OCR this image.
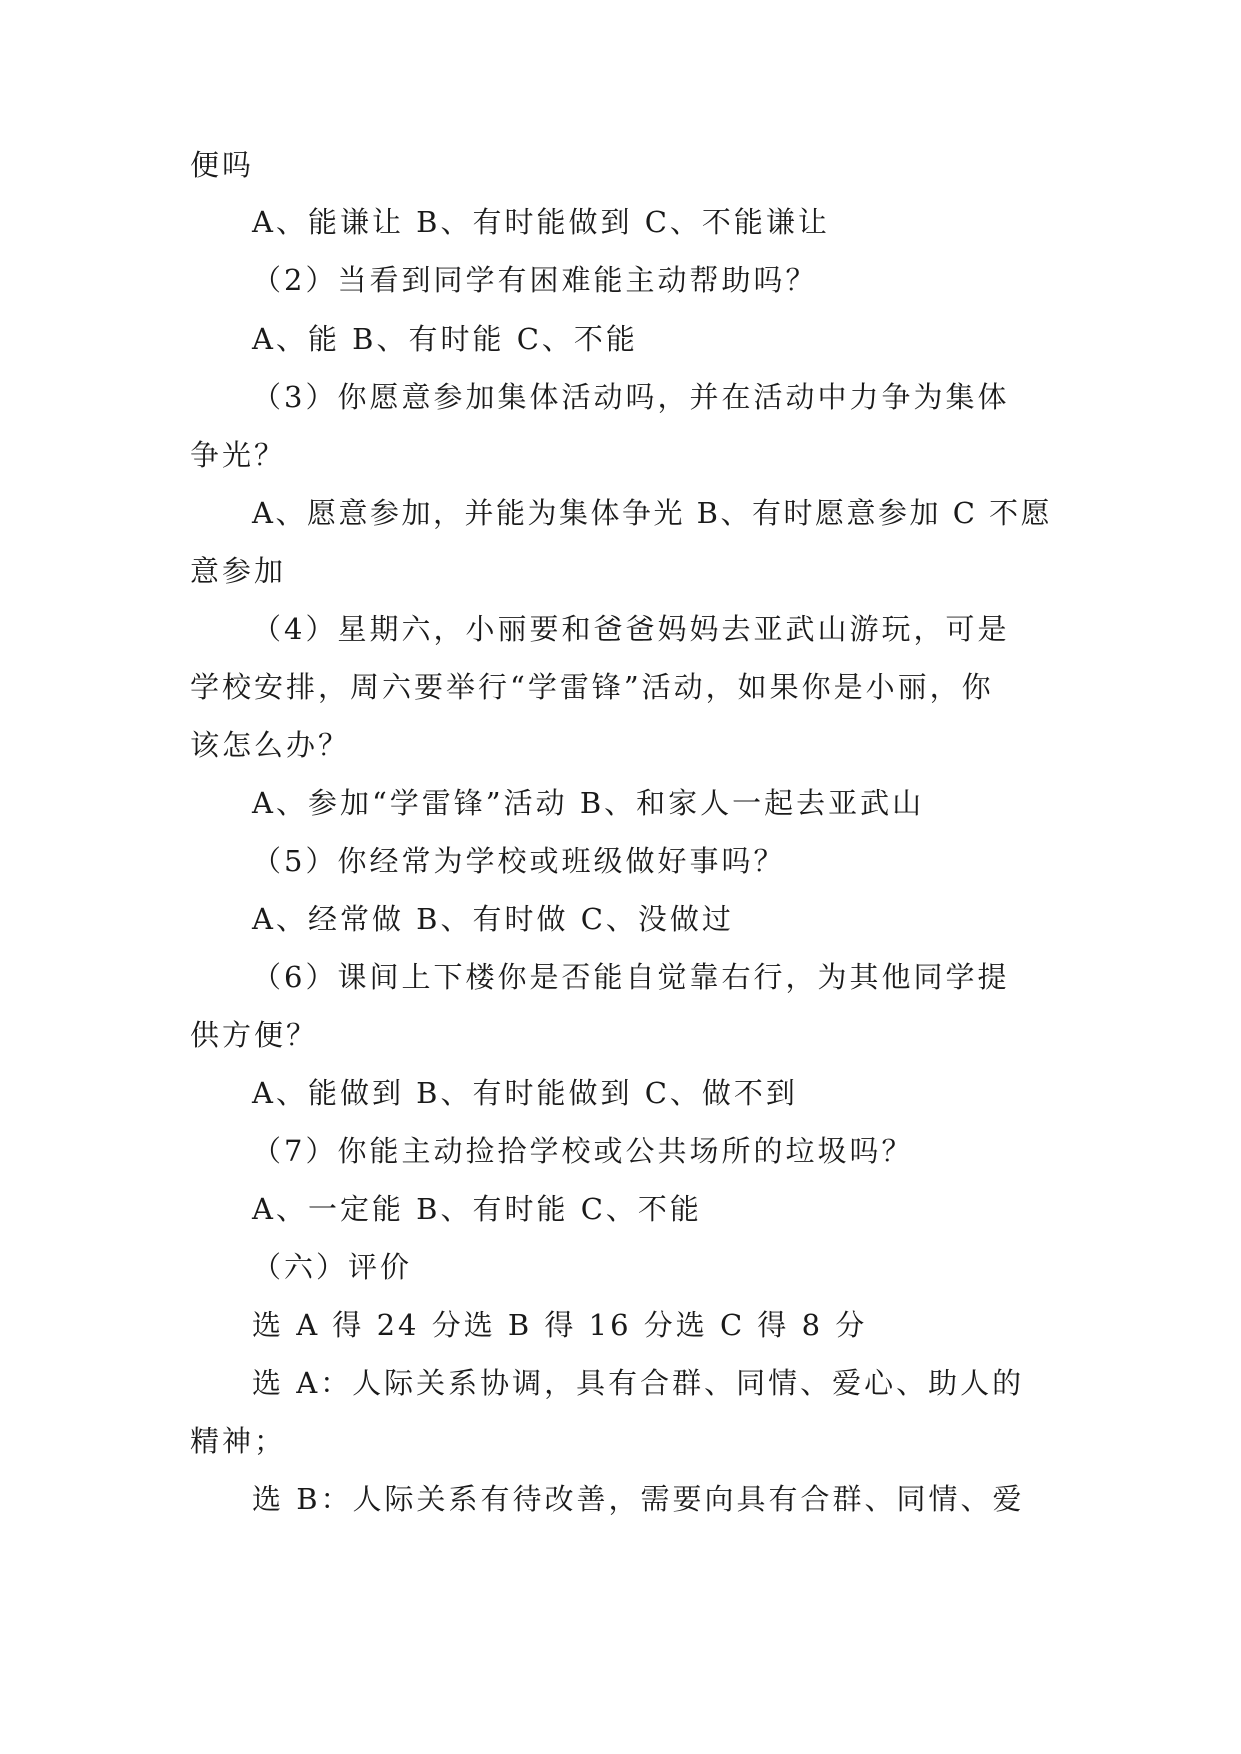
便吗
A、能谦让 B、有时能做到 C、不能谦让
（2）当看到同学有困难能主动帮助吗？
A、能 B、有时能 C、不能
（3）你愿意参加集体活动吗，并在活动中力争为集体
争光？
A、愿意参加，并能为集体争光 B、有时愿意参加 C 不愿
意参加
（4）星期六，小丽要和爸爸妈妈去亚武山游玩，可是
学校安排，周六要举行“学雷锋”活动，如果你是小丽，你
该怎么办？
A、参加“学雷锋”活动 B、和家人一起去亚武山
（5）你经常为学校或班级做好事吗？
A、经常做 B、有时做 C、没做过
（6）课间上下楼你是否能自觉靠右行，为其他同学提
供方便？
A、能做到 B、有时能做到 C、做不到
（7）你能主动捡拾学校或公共场所的垃圾吗？
A、一定能 B、有时能 C、不能
（六）评价
选 A 得 24 分选 B 得 16 分选 C 得 8 分
选 A：人际关系协调，具有合群、同情、爱心、助人的
精神；
选 B：人际关系有待改善，需要向具有合群、同情、爱
